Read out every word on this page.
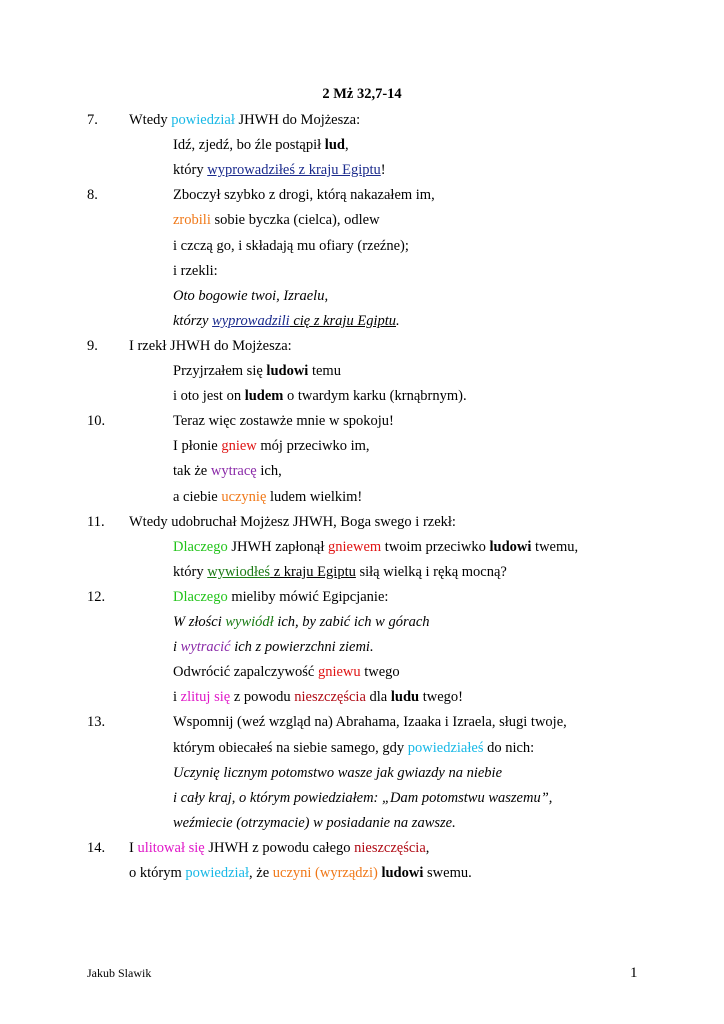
2 Mż 32,7-14
7. Wtedy powiedział JHWH do Mojżesza:
Idź, zjedź, bo źle postąpił lud,
który wyprowadziłeś z kraju Egiptu!
8.	Zboczył szybko z drogi, którą nakazałem im,
zrobili sobie byczka (cielca), odlew
i czczą go, i składają mu ofiary (rzeźne);
i rzekli:
Oto bogowie twoi, Izraelu,
którzy wyprowadzili cię z kraju Egiptu.
9. I rzekł JHWH do Mojżesza:
Przyjrzałem się ludowi temu
i oto jest on ludem o twardym karku (krnąbrnym).
10.	Teraz więc zostawże mnie w spokoju!
I płonie gniew mój przeciwko im,
tak że wytracę ich,
a ciebie uczynię ludem wielkim!
11. Wtedy udobruchał Mojżesz JHWH, Boga swego i rzekł:
Dlaczego JHWH zapłonął gniewem twoim przeciwko ludowi twemu,
który wywiodłeś z kraju Egiptu siłą wielką i ręką mocną?
12.	Dlaczego mieliby mówić Egipcjanie:
W złości wywiódł ich, by zabić ich w górach
i wytracić ich z powierzchni ziemi.
Odwrócić zapalczywość gniewu twego
i zlituj się z powodu nieszczęścia dla ludu twego!
13.	Wspomnij (weź wzgląd na) Abrahama, Izaaka i Izraela, sługi twoje,
którym obiecałeś na siebie samego, gdy powiedziałeś do nich:
Uczynię licznym potomstwo wasze jak gwiazdy na niebie
i cały kraj, o którym powiedziałem: „Dam potomstwu waszemu”,
weźmiecie (otrzymacie) w posiadanie na zawsze.
14. I ulitował się JHWH z powodu całego nieszczęścia,
o którym powiedział, że uczyni (wyrządzi) ludowi swemu.
Jakub Slawik	1
